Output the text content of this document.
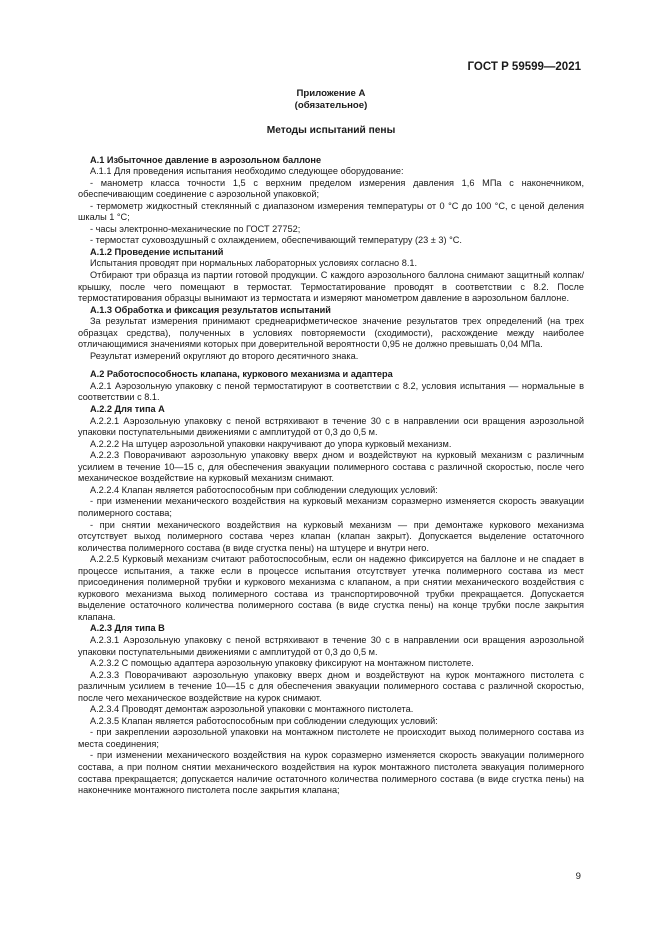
ГОСТ Р 59599—2021
Приложение А
(обязательное)
Методы испытаний пены

А.1 Избыточное давление в аэрозольном баллоне

А.1.1 Для проведения испытания необходимо следующее оборудование:

- манометр класса точности 1,5 с верхним пределом измерения давления 1,6 МПа с наконечником, обеспечивающим соединение с аэрозольной упаковкой;

- термометр жидкостный стеклянный с диапазоном измерения температуры от 0 °С до 100 °С, с ценой деления шкалы 1 °С;

- часы электронно-механические по ГОСТ 27752;

- термостат суховоздушный с охлаждением, обеспечивающий температуру (23 ± 3) °С.

А.1.2 Проведение испытаний

Испытания проводят при нормальных лабораторных условиях согласно 8.1.

Отбирают три образца из партии готовой продукции. С каждого аэрозольного баллона снимают защитный колпак/крышку, после чего помещают в термостат. Термостатирование проводят в соответствии с 8.2. После термостатирования образцы вынимают из термостата и измеряют манометром давление в аэрозольном баллоне.

А.1.3 Обработка и фиксация результатов испытаний

За результат измерения принимают среднеарифметическое значение результатов трех определений (на трех образцах средства), полученных в условиях повторяемости (сходимости), расхождение между наиболее отличающимися значениями которых при доверительной вероятности 0,95 не должно превышать 0,04 МПа.

Результат измерений округляют до второго десятичного знака.

А.2 Работоспособность клапана, куркового механизма и адаптера

А.2.1 Аэрозольную упаковку с пеной термостатируют в соответствии с 8.2, условия испытания — нормальные в соответствии с 8.1.

А.2.2 Для типа А

А.2.2.1 Аэрозольную упаковку с пеной встряхивают в течение 30 с в направлении оси вращения аэрозольной упаковки поступательными движениями с амплитудой от 0,3 до 0,5 м.

А.2.2.2 На штуцер аэрозольной упаковки накручивают до упора курковый механизм.

А.2.2.3 Поворачивают аэрозольную упаковку вверх дном и воздействуют на курковый механизм с различным усилием в течение 10—15 с, для обеспечения эвакуации полимерного состава с различной скоростью, после чего механическое воздействие на курковый механизм снимают.

А.2.2.4 Клапан является работоспособным при соблюдении следующих условий:

- при изменении механического воздействия на курковый механизм соразмерно изменяется скорость эвакуации полимерного состава;

- при снятии механического воздействия на курковый механизм — при демонтаже куркового механизма отсутствует выход полимерного состава через клапан (клапан закрыт). Допускается выделение остаточного количества полимерного состава (в виде сгустка пены) на штуцере и внутри него.

А.2.2.5 Курковый механизм считают работоспособным, если он надежно фиксируется на баллоне и не спадает в процессе испытания, а также если в процессе испытания отсутствует утечка полимерного состава из мест присоединения полимерной трубки и куркового механизма с клапаном, а при снятии механического воздействия с куркового механизма выход полимерного состава из транспортировочной трубки прекращается. Допускается выделение остаточного количества полимерного состава (в виде сгустка пены) на конце трубки после закрытия клапана.

А.2.3 Для типа В

А.2.3.1 Аэрозольную упаковку с пеной встряхивают в течение 30 с в направлении оси вращения аэрозольной упаковки поступательными движениями с амплитудой от 0,3 до 0,5 м.

А.2.3.2 С помощью адаптера аэрозольную упаковку фиксируют на монтажном пистолете.

А.2.3.3 Поворачивают аэрозольную упаковку вверх дном и воздействуют на курок монтажного пистолета с различным усилием в течение 10—15 с для обеспечения эвакуации полимерного состава с различной скоростью, после чего механическое воздействие на курок снимают.

А.2.3.4 Проводят демонтаж аэрозольной упаковки с монтажного пистолета.

А.2.3.5 Клапан является работоспособным при соблюдении следующих условий:

- при закреплении аэрозольной упаковки на монтажном пистолете не происходит выход полимерного состава из места соединения;

- при изменении механического воздействия на курок соразмерно изменяется скорость эвакуации полимерного состава, а при полном снятии механического воздействия на курок монтажного пистолета эвакуация полимерного состава прекращается; допускается наличие остаточного количества полимерного состава (в виде сгустка пены) на наконечнике монтажного пистолета после закрытия клапана;

9
